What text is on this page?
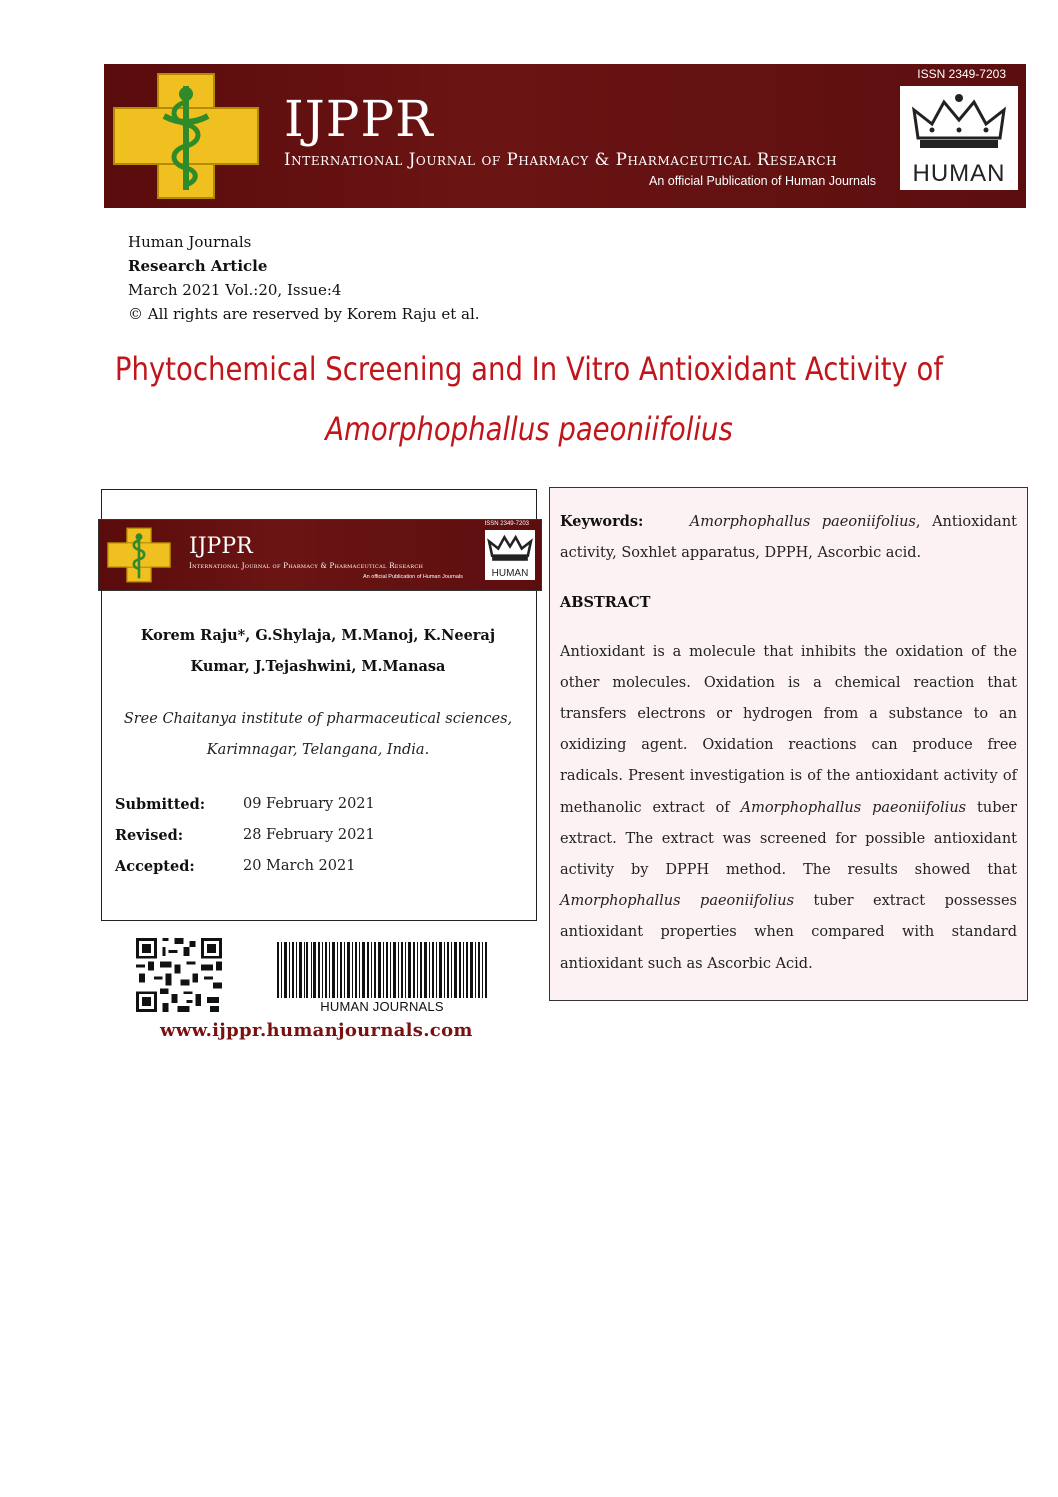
IJPPR
International Journal of Pharmacy & Pharmaceutical Research
An official Publication of Human Journals
ISSN 2349-7203
HUMAN
Human Journals
Research Article
March 2021 Vol.:20, Issue:4
© All rights are reserved by Korem Raju et al.
Phytochemical Screening and In Vitro Antioxidant Activity of
Amorphophallus paeoniifolius
IJPPR
International Journal of Pharmacy & Pharmaceutical Research
An official Publication of Human Journals
ISSN 2349-7203
HUMAN
Korem Raju*, G.Shylaja, M.Manoj, K.Neeraj
Kumar, J.Tejashwini, M.Manasa
Sree Chaitanya institute of pharmaceutical sciences,
Karimnagar, Telangana, India.
Submitted:	09 February 2021
Revised:	28 February 2021
Accepted:	20 March 2021
HUMAN JOURNALS
www.ijppr.humanjournals.com

Keywords:	Amorphophallus paeoniifolius, Antioxidant activity, Soxhlet apparatus, DPPH, Ascorbic acid.

ABSTRACT

Antioxidant is a molecule that inhibits the oxidation of the other molecules. Oxidation is a chemical reaction that transfers electrons or hydrogen from a substance to an oxidizing agent. Oxidation reactions can produce free radicals. Present investigation is of the antioxidant activity of methanolic extract of Amorphophallus paeoniifolius tuber extract. The extract was screened for possible antioxidant activity by DPPH method. The results showed that Amorphophallus paeoniifolius tuber extract possesses antioxidant properties when compared with standard antioxidant such as Ascorbic Acid.
